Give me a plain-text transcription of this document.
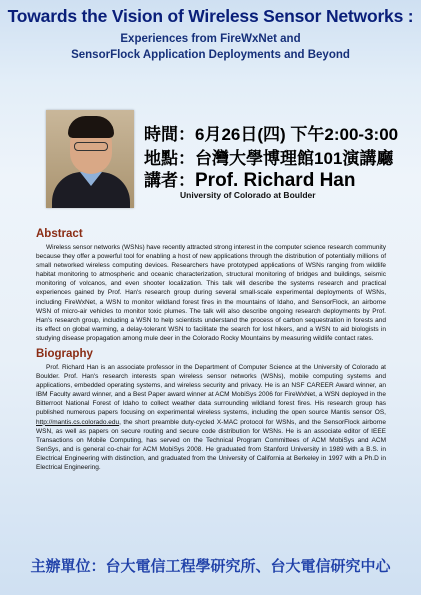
Towards the Vision of Wireless Sensor Networks :
Experiences from FireWxNet and
SensorFlock Application Deployments and Beyond
時間：6月26日(四) 下午2:00-3:00
地點：台灣大學博理館101演講廳
講者：Prof. Richard Han
University of Colorado at Boulder
Abstract
Wireless sensor networks (WSNs) have recently attracted strong interest in the computer science research community because they offer a powerful tool for enabling a host of new applications through the distribution of potentially millions of small networked wireless computing devices. Researchers have prototyped applications of WSNs ranging from wildlife habitat monitoring to atmospheric and oceanic characterization, structural monitoring of bridges and buildings, seismic monitoring of volcanos, and even shooter localization. This talk will describe the systems research and practical experiences gained by Prof. Han's research group during several small-scale experimental deployments of WSNs, including FireWxNet, a WSN to monitor wildland forest fires in the mountains of Idaho, and SensorFlock, an airborne WSN of micro-air vehicles to monitor toxic plumes. The talk will also describe ongoing research deployments by Prof. Han's research group, including a WSN to help scientists understand the process of carbon sequestration in forests and its effect on global warming, a delay-tolerant WSN to facilitate the search for lost hikers, and a WSN to aid biologists in studying disease propagation among mule deer in the Colorado Rocky Mountains by measuring wildlife contact rates.
Biography
Prof. Richard Han is an associate professor in the Department of Computer Science at the University of Colorado at Boulder. Prof. Han's research interests span wireless sensor networks (WSNs), mobile computing systems and applications, embedded operating systems, and wireless security and privacy. He is an NSF CAREER Award winner, an IBM Faculty award winner, and a Best Paper award winner at ACM MobiSys 2006 for FireWxNet, a WSN deployed in the Bitterroot National Forest of Idaho to collect weather data surrounding wildland forest fires. His research group has published numerous papers focusing on experimental wireless systems, including the open source Mantis sensor OS, http://mantis.cs.colorado.edu, the short preamble duty-cycled X-MAC protocol for WSNs, and the SensorFlock airborne WSN, as well as papers on secure routing and secure code distribution for WSNs. He is an associate editor of IEEE Transactions on Mobile Computing, has served on the Technical Program Committees of ACM MobiSys and ACM SenSys, and is general co-chair for ACM MobiSys 2008. He graduated from Stanford University in 1989 with a B.S. in Electrical Engineering with distinction, and graduated from the University of California at Berkeley in 1997 with a Ph.D in Electrical Engineering.
主辦單位：台大電信工程學研究所、台大電信研究中心
